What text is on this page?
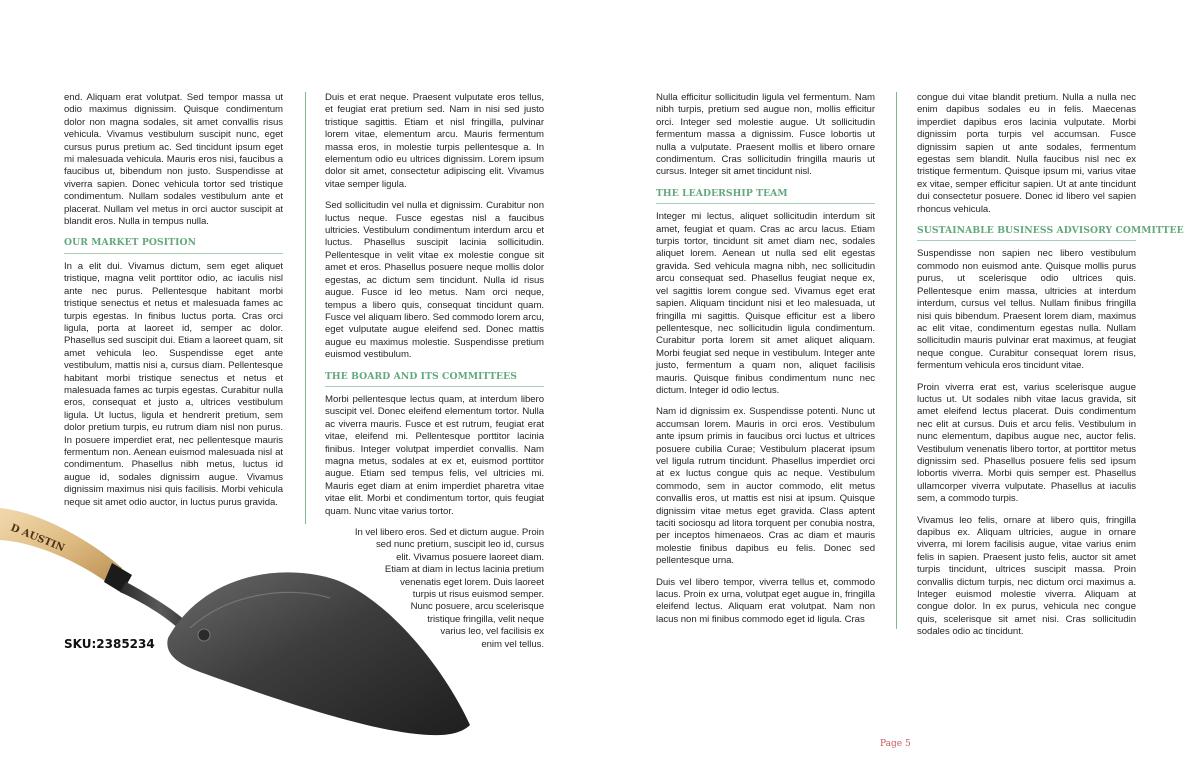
end. Aliquam erat volutpat. Sed tempor massa ut odio maximus dignissim. Quisque condimentum dolor non magna sodales, sit amet convallis risus vehicula. Vivamus vestibulum suscipit nunc, eget cursus purus pretium ac. Sed tincidunt ipsum eget mi malesuada vehicula. Mauris eros nisi, faucibus a faucibus ut, bibendum non justo. Suspendisse at viverra sapien. Donec vehicula tortor sed tristique condimentum. Nullam sodales vestibulum ante et placerat. Nullam vel metus in orci auctor suscipit at blandit eros. Nulla in tempus nulla.

OUR MARKET POSITION

In a elit dui. Vivamus dictum, sem eget aliquet tristique, magna velit porttitor odio, ac iaculis nisl ante nec purus. Pellentesque habitant morbi tristique senectus et netus et malesuada fames ac turpis egestas. In finibus luctus porta. Cras orci ligula, porta at laoreet id, semper ac dolor. Phasellus sed suscipit dui. Etiam a laoreet quam, sit amet vehicula leo. Suspendisse eget ante vestibulum, mattis nisi a, cursus diam. Pellentesque habitant morbi tristique senectus et netus et malesuada fames ac turpis egestas. Curabitur nulla eros, consequat et justo a, ultrices vestibulum ligula. Ut luctus, ligula et hendrerit pretium, sem dolor pretium turpis, eu rutrum diam nisl non purus. In posuere imperdiet erat, nec pellentesque mauris fermentum non. Aenean euismod malesuada nisl at condimentum. Phasellus nibh metus, luctus id augue id, sodales dignissim augue. Vivamus dignissim maximus nisi quis facilisis. Morbi vehicula neque sit amet odio auctor, in luctus purus gravida.

Duis et erat neque. Praesent vulputate eros tellus, et feugiat erat pretium sed. Nam in nisi sed justo tristique sagittis. Etiam et nisl fringilla, pulvinar lorem vitae, elementum arcu. Mauris fermentum massa eros, in molestie turpis pellentesque a. In elementum odio eu ultrices dignissim. Lorem ipsum dolor sit amet, consectetur adipiscing elit. Vivamus vitae semper ligula.

Sed sollicitudin vel nulla et dignissim. Curabitur non luctus neque. Fusce egestas nisl a faucibus ultricies. Vestibulum condimentum interdum arcu et luctus. Phasellus suscipit lacinia sollicitudin. Pellentesque in velit vitae ex molestie congue sit amet et eros. Phasellus posuere neque mollis dolor egestas, ac dictum sem tincidunt. Nulla id risus augue. Fusce id leo metus. Nam orci neque, tempus a libero quis, consequat tincidunt quam. Fusce vel aliquam libero. Sed commodo lorem arcu, eget vulputate augue eleifend sed. Donec mattis augue eu maximus molestie. Suspendisse pretium euismod vestibulum.

THE BOARD AND ITS COMMITTEES

Morbi pellentesque lectus quam, at interdum libero suscipit vel. Donec eleifend elementum tortor. Nulla ac viverra mauris. Fusce et est rutrum, feugiat erat vitae, eleifend mi. Pellentesque porttitor lacinia finibus. Integer volutpat imperdiet convallis. Nam magna metus, sodales at ex et, euismod porttitor augue. Etiam sed tempus felis, vel ultricies mi. Mauris eget diam at enim imperdiet pharetra vitae vitae elit. Morbi et condimentum tortor, quis feugiat quam. Nunc vitae varius tortor.

In vel libero eros. Sed et dictum augue. Proin sed nunc pretium, suscipit leo id, cursus elit. Vivamus posuere laoreet diam. Etiam at diam in lectus lacinia pretium venenatis eget lorem. Duis laoreet turpis ut risus euismod semper. Nunc posuere, arcu scelerisque tristique fringilla, velit neque varius leo, vel facilisis ex enim vel tellus.

Nulla efficitur sollicitudin ligula vel fermentum. Nam nibh turpis, pretium sed augue non, mollis efficitur orci. Integer sed molestie augue. Ut sollicitudin fermentum massa a dignissim. Fusce lobortis ut nulla a vulputate. Praesent mollis et libero ornare condimentum. Cras sollicitudin fringilla mauris ut cursus. Integer sit amet tincidunt nisl.

THE LEADERSHIP TEAM

Integer mi lectus, aliquet sollicitudin interdum sit amet, feugiat et quam. Cras ac arcu lacus. Etiam turpis tortor, tincidunt sit amet diam nec, sodales aliquet lorem. Aenean ut nulla sed elit egestas gravida. Sed vehicula magna nibh, nec sollicitudin arcu consequat sed. Phasellus feugiat neque ex, vel sagittis lorem congue sed. Vivamus eget erat sapien. Aliquam tincidunt nisi et leo malesuada, ut fringilla mi sagittis. Quisque efficitur est a libero pellentesque, nec sollicitudin ligula condimentum. Curabitur porta lorem sit amet aliquet aliquam. Morbi feugiat sed neque in vestibulum. Integer ante justo, fermentum a quam non, aliquet facilisis mauris. Quisque finibus condimentum nunc nec dictum. Integer id odio lectus.

Nam id dignissim ex. Suspendisse potenti. Nunc ut accumsan lorem. Mauris in orci eros. Vestibulum ante ipsum primis in faucibus orci luctus et ultrices posuere cubilia Curae; Vestibulum placerat ipsum vel ligula rutrum tincidunt. Phasellus imperdiet orci at ex luctus congue quis ac neque. Vestibulum commodo, sem in auctor commodo, elit metus convallis eros, ut mattis est nisi at ipsum. Quisque dignissim vitae metus eget gravida. Class aptent taciti sociosqu ad litora torquent per conubia nostra, per inceptos himenaeos. Cras ac diam et mauris molestie finibus dapibus eu felis. Donec sed pellentesque urna.

Duis vel libero tempor, viverra tellus et, commodo lacus. Proin ex urna, volutpat eget augue in, fringilla eleifend lectus. Aliquam erat volutpat. Nam non lacus non mi finibus commodo eget id ligula. Cras

congue dui vitae blandit pretium. Nulla a nulla nec enim dapibus sodales eu in felis. Maecenas imperdiet dapibus eros lacinia vulputate. Morbi dignissim porta turpis vel accumsan. Fusce dignissim sapien ut ante sodales, fermentum egestas sem blandit. Nulla faucibus nisl nec ex tristique fermentum. Quisque ipsum mi, varius vitae ex vitae, semper efficitur sapien. Ut at ante tincidunt dui consectetur posuere. Donec id libero vel sapien rhoncus vehicula.

SUSTAINABLE BUSINESS ADVISORY COMMITTEE

Suspendisse non sapien nec libero vestibulum commodo non euismod ante. Quisque mollis purus purus, ut scelerisque odio ultrices quis. Pellentesque enim massa, ultricies at interdum interdum, cursus vel tellus. Nullam finibus fringilla nisi quis bibendum. Praesent lorem diam, maximus ac elit vitae, condimentum egestas nulla. Nullam sollicitudin mauris pulvinar erat maximus, at feugiat neque congue. Curabitur consequat lorem risus, fermentum vehicula eros tincidunt vitae.

Proin viverra erat est, varius scelerisque augue luctus ut. Ut sodales nibh vitae lacus gravida, sit amet eleifend lectus placerat. Duis condimentum nec elit at cursus. Duis et arcu felis. Vestibulum in nunc elementum, dapibus augue nec, auctor felis. Vestibulum venenatis libero tortor, at porttitor metus dignissim sed. Phasellus posuere felis sed ipsum lobortis viverra. Morbi quis semper est. Phasellus ullamcorper viverra vulputate. Phasellus at iaculis sem, a commodo turpis.

Vivamus leo felis, ornare at libero quis, fringilla dapibus ex. Aliquam ultricies, augue in ornare viverra, mi lorem facilisis augue, vitae varius enim felis in sapien. Praesent justo felis, auctor sit amet turpis tincidunt, ultrices suscipit massa. Proin convallis dictum turpis, nec dictum orci maximus a. Integer euismod molestie viverra. Aliquam at congue dolor. In ex purus, vehicula nec congue quis, scelerisque sit amet nisi. Cras sollicitudin sodales odio ac tincidunt.

D AUSTIN
SKU:2385234
Page 5
